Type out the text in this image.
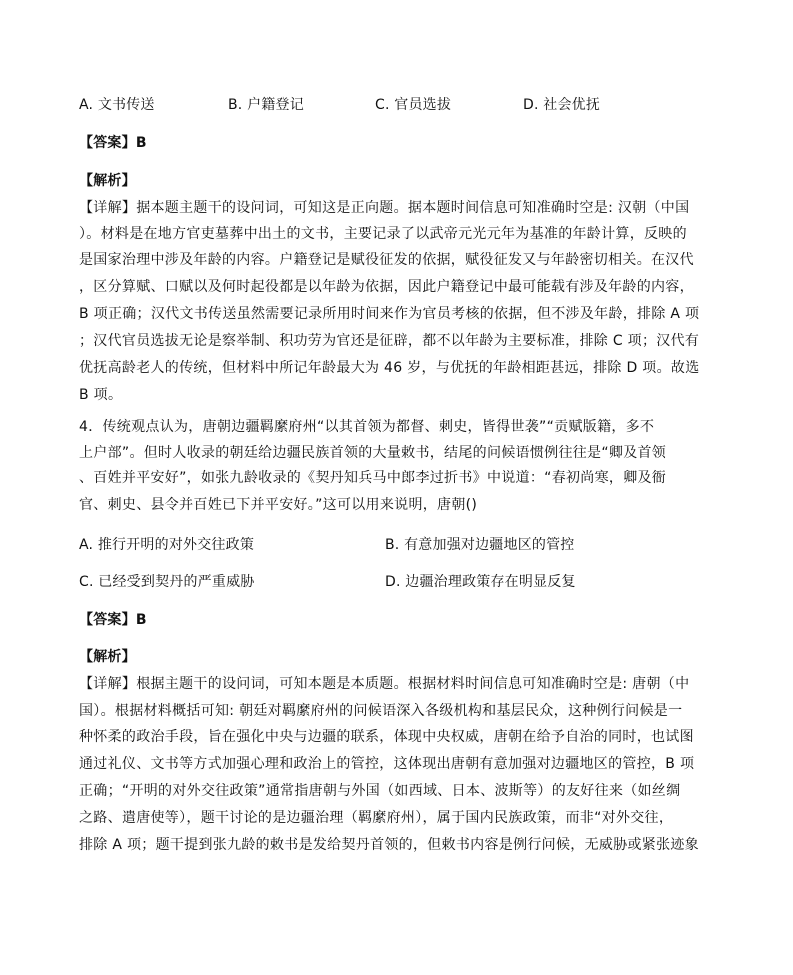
A. 文书传送	B. 户籍登记	C. 官员选拔	D. 社会优抚
【答案】B
【解析】
【详解】据本题主题干的设问词，可知这是正向题。据本题时间信息可知准确时空是: 汉朝（中国
）。材料是在地方官吏墓葬中出土的文书，主要记录了以武帝元光元年为基准的年龄计算，反映的
是国家治理中涉及年龄的内容。户籍登记是赋役征发的依据，赋役征发又与年龄密切相关。在汉代
，区分算赋、口赋以及何时起役都是以年龄为依据，因此户籍登记中最可能载有涉及年龄的内容，
B 项正确；汉代文书传送虽然需要记录所用时间来作为官员考核的依据，但不涉及年龄，排除 A 项
；汉代官员选拔无论是察举制、积功劳为官还是征辟，都不以年龄为主要标准，排除 C 项；汉代有
优抚高龄老人的传统，但材料中所记年龄最大为 46 岁，与优抚的年龄相距甚远，排除 D 项。故选
B 项。
4．传统观点认为，唐朝边疆羁縻府州“以其首领为都督、刺史，皆得世袭”“贡赋版籍，多不
上户部”。但时人收录的朝廷给边疆民族首领的大量敕书，结尾的问候语惯例往往是“卿及首领
、百姓并平安好”，如张九龄收录的《契丹知兵马中郎李过折书》中说道：“春初尚寒，卿及衙
官、刺史、县令并百姓已下并平安好。”这可以用来说明，唐朝()
A. 推行开明的对外交往政策	B. 有意加强对边疆地区的管控
C. 已经受到契丹的严重威胁	D. 边疆治理政策存在明显反复
【答案】B
【解析】
【详解】根据主题干的设问词，可知本题是本质题。根据材料时间信息可知准确时空是: 唐朝（中
国）。根据材料概括可知: 朝廷对羁縻府州的问候语深入各级机构和基层民众，这种例行问候是一
种怀柔的政治手段，旨在强化中央与边疆的联系，体现中央权威，唐朝在给予自治的同时，也试图
通过礼仪、文书等方式加强心理和政治上的管控，这体现出唐朝有意加强对边疆地区的管控，B 项
正确；“开明的对外交往政策”通常指唐朝与外国（如西域、日本、波斯等）的友好往来（如丝绸
之路、遣唐使等），题干讨论的是边疆治理（羁縻府州），属于国内民族政策，而非“对外交往，
排除 A 项；题干提到张九龄的敕书是发给契丹首领的，但敕书内容是例行问候，无威胁或紧张迹象
